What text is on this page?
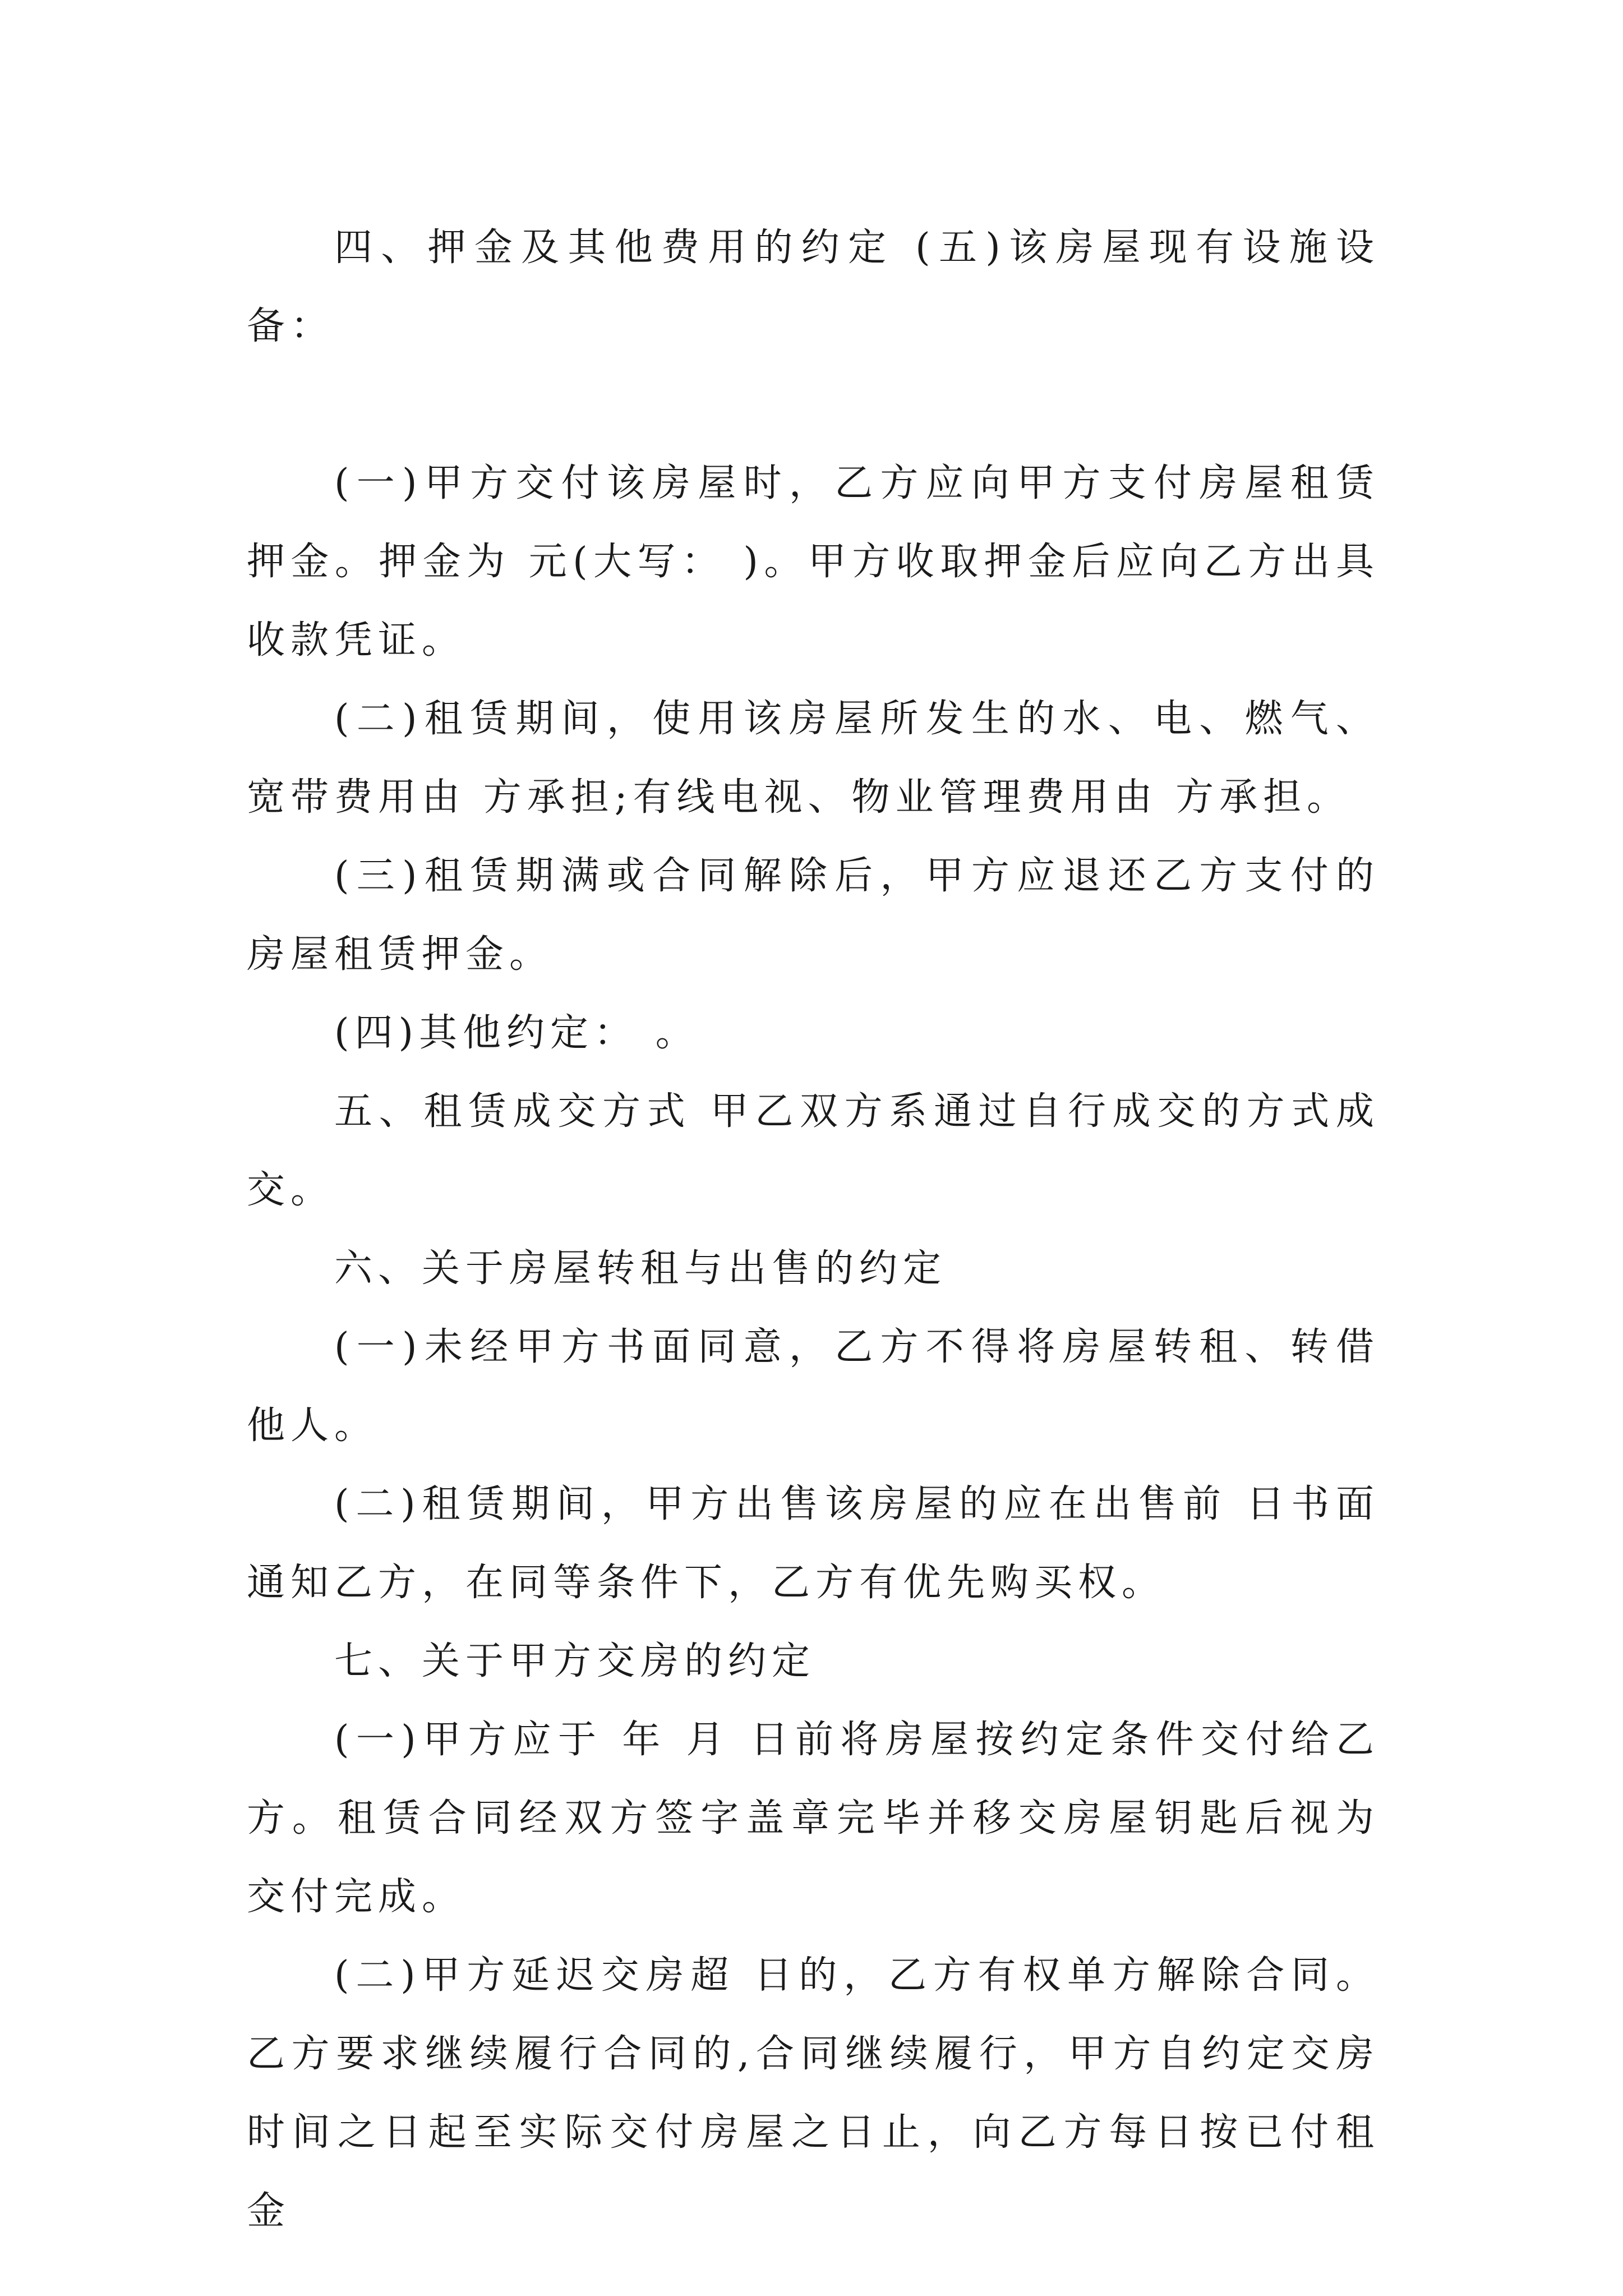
四、押金及其他费用的约定 (五)该房屋现有设施设备：

(一)甲方交付该房屋时，乙方应向甲方支付房屋租赁押金。押金为 元(大写： )。甲方收取押金后应向乙方出具收款凭证。

(二)租赁期间，使用该房屋所发生的水、电、燃气、宽带费用由 方承担;有线电视、物业管理费用由 方承担。

(三)租赁期满或合同解除后，甲方应退还乙方支付的房屋租赁押金。

(四)其他约定： 。

五、租赁成交方式 甲乙双方系通过自行成交的方式成交。

六、关于房屋转租与出售的约定

(一)未经甲方书面同意，乙方不得将房屋转租、转借他人。

(二)租赁期间，甲方出售该房屋的应在出售前 日书面通知乙方，在同等条件下，乙方有优先购买权。

七、关于甲方交房的约定

(一)甲方应于 年 月 日前将房屋按约定条件交付给乙方。租赁合同经双方签字盖章完毕并移交房屋钥匙后视为交付完成。

(二)甲方延迟交房超 日的，乙方有权单方解除合同。乙方要求继续履行合同的,合同继续履行，甲方自约定交房时间之日起至实际交付房屋之日止，向乙方每日按已付租金
